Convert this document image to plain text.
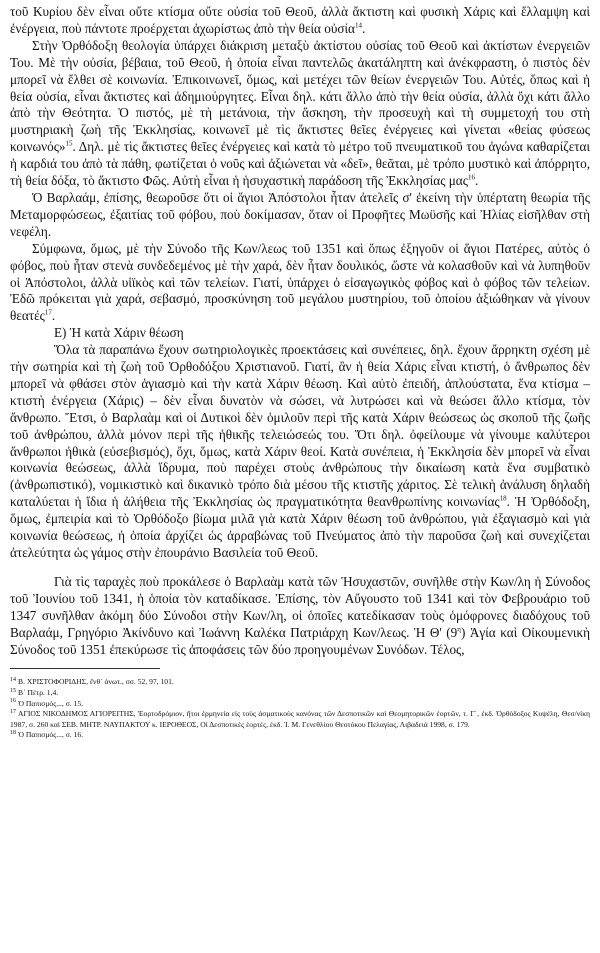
τοῦ Κυρίου δὲν εἶναι οὔτε κτίσμα οὔτε οὐσία τοῦ Θεοῦ, ἀλλὰ ἄκτιστη καὶ φυσικὴ Χάρις καὶ ἔλλαμψη καὶ ἐνέργεια, ποὺ πάντοτε προέρχεται ἀχωρίστως ἀπὸ τὴν θεία οὐσία$^{14}$.

Στὴν Ὀρθόδοξη θεολογία ὑπάρχει διάκριση μεταξὺ ἀκτίστου οὐσίας τοῦ Θεοῦ καὶ ἀκτίστων ἐνεργειῶν Του. Μὲ τὴν οὐσία, βέβαια, τοῦ Θεοῦ, ἡ ὁποία εἶναι παντελῶς ἀκατάληπτη καὶ ἀνέκφραστη, ὁ πιστὸς δὲν μπορεῖ νὰ ἔλθει σὲ κοινωνία. Ἐπικοινωνεῖ, ὅμως, καὶ μετέχει τῶν θείων ἐνεργειῶν Του. Αὐτές, ὅπως καὶ ἡ θεία οὐσία, εἶναι ἄκτιστες καὶ ἀδημιούργητες. Εἶναι δηλ. κάτι ἄλλο ἀπὸ τὴν θεία οὐσία, ἀλλὰ ὄχι κάτι ἄλλο ἀπὸ τὴν Θεότητα. Ὁ πιστός, μὲ τὴ μετάνοια, τὴν ἄσκηση, τὴν προσευχὴ καὶ τὴ συμμετοχή του στὴ μυστηριακὴ ζωὴ τῆς Ἐκκλησίας, κοινωνεῖ μὲ τὶς ἄκτιστες θεῖες ἐνέργειες καὶ γίνεται «θείας φύσεως κοινωνός»$^{15}$. Δηλ. μὲ τὶς ἄκτιστες θεῖες ἐνέργειες καὶ κατὰ τὸ μέτρο τοῦ πνευματικοῦ του ἀγώνα καθαρίζεται ἡ καρδιά του ἀπὸ τὰ πάθη, φωτίζεται ὁ νοῦς καὶ ἀξιώνεται νὰ «δεῖ», θεᾶται, μὲ τρόπο μυστικὸ καὶ ἀπόρρητο, τὴ θεία δόξα, τὸ ἄκτιστο Φῶς. Αὐτὴ εἶναι ἡ ἡσυχαστικὴ παράδοση τῆς Ἐκκλησίας μας$^{16}$.

Ὁ Βαρλαάμ, ἐπίσης, θεωροῦσε ὅτι οἱ ἅγιοι Ἀπόστολοι ἦταν ἀτελεῖς σ' ἐκείνη τὴν ὑπέρτατη θεωρία τῆς Μεταμορφώσεως, ἐξαιτίας τοῦ φόβου, ποὺ δοκίμασαν, ὅταν οἱ Προφῆτες Μωϋσῆς καὶ Ἠλίας εἰσῆλθαν στὴ νεφέλη.

Σύμφωνα, ὅμως, μὲ τὴν Σύνοδο τῆς Κων/λεως τοῦ 1351 καὶ ὅπως ἐξηγοῦν οἱ ἅγιοι Πατέρες, αὐτὸς ὁ φόβος, ποὺ ἦταν στενὰ συνδεδεμένος μὲ τὴν χαρά, δὲν ἦταν δουλικός, ὥστε νὰ κολασθοῦν καὶ νὰ λυπηθοῦν οἱ Ἀπόστολοι, ἀλλὰ υἱϊκὸς καὶ τῶν τελείων. Γιατί, ὑπάρχει ὁ εἰσαγωγικὸς φόβος καὶ ὁ φόβος τῶν τελείων. Ἐδῶ πρόκειται γιὰ χαρά, σεβασμό, προσκύνηση τοῦ μεγάλου μυστηρίου, τοῦ ὁποίου ἀξιώθηκαν νὰ γίνουν θεατές$^{17}$.

Ε) Ἡ κατὰ Χάριν θέωση

Ὅλα τὰ παραπάνω ἔχουν σωτηριολογικὲς προεκτάσεις καὶ συνέπειες, δηλ. ἔχουν ἄρρηκτη σχέση μὲ τὴν σωτηρία καὶ τὴ ζωὴ τοῦ Ὀρθοδόξου Χριστιανοῦ. Γιατί, ἂν ἡ θεία Χάρις εἶναι κτιστή, ὁ ἄνθρωπος δὲν μπορεῖ νὰ φθάσει στὸν ἁγιασμὸ καὶ τὴν κατὰ Χάριν θέωση. Καὶ αὐτὸ ἐπειδή, ἁπλούστατα, ἕνα κτίσμα – κτιστὴ ἐνέργεια (Χάρις) – δὲν εἶναι δυνατὸν νὰ σώσει, νὰ λυτρώσει καὶ νὰ θεώσει ἄλλο κτίσμα, τὸν ἄνθρωπο. Ἔτσι, ὁ Βαρλαὰμ καὶ οἱ Δυτικοὶ δὲν ὁμιλοῦν περὶ τῆς κατὰ Χάριν θεώσεως ὡς σκοποῦ τῆς ζωῆς τοῦ ἀνθρώπου, ἀλλὰ μόνον περὶ τῆς ἠθικῆς τελειώσεώς του. Ὅτι δηλ. ὀφείλουμε νὰ γίνουμε καλύτεροι ἄνθρωποι ἠθικὰ (εὐσεβισμός), ὄχι, ὅμως, κατὰ Χάριν θεοί. Κατὰ συνέπεια, ἡ Ἐκκλησία δὲν μπορεῖ νὰ εἶναι κοινωνία θεώσεως, ἀλλὰ ἵδρυμα, ποὺ παρέχει στοὺς ἀνθρώπους τὴν δικαίωση κατὰ ἕνα συμβατικὸ (ἀνθρωπιστικό), νομικιστικὸ καὶ δικανικὸ τρόπο διὰ μέσου τῆς κτιστῆς χάριτος. Σὲ τελικὴ ἀνάλυση δηλαδὴ καταλύεται ἡ ἴδια ἡ ἀλήθεια τῆς Ἐκκλησίας ὡς πραγματικότητα θεανθρωπίνης κοινωνίας$^{18}$. Ἡ Ὀρθόδοξη, ὅμως, ἐμπειρία καὶ τὸ Ὀρθόδοξο βίωμα μιλᾶ γιὰ κατὰ Χάριν θέωση τοῦ ἀνθρώπου, γιὰ ἐξαγιασμὸ καὶ γιὰ κοινωνία θεώσεως, ἡ ὁποία ἀρχίζει ὡς ἀρραβώνας τοῦ Πνεύματος ἀπὸ τὴν παροῦσα ζωὴ καὶ συνεχίζεται ἀτελεύτητα ὡς γάμος στὴν ἐπουράνιο Βασιλεία τοῦ Θεοῦ.

Γιὰ τὶς ταραχὲς ποὺ προκάλεσε ὁ Βαρλαὰμ κατὰ τῶν Ἡσυχαστῶν, συνῆλθε στὴν Κων/λη ἡ Σύνοδος τοῦ Ἰουνίου τοῦ 1341, ἡ ὁποία τὸν καταδίκασε. Ἐπίσης, τὸν Αὔγουστο τοῦ 1341 καὶ τὸν Φεβρουάριο τοῦ 1347 συνῆλθαν ἀκόμη δύο Σύνοδοι στὴν Κων/λη, οἱ ὁποῖες κατεδίκασαν τοὺς ὁμόφρονες διαδόχους τοῦ Βαρλαάμ, Γρηγόριο Ἀκίνδυνο καὶ Ἰωάννη Καλέκα Πατριάρχη Κων/λεως. Ἡ Θ' $(9^\eta)$ Ἁγία καὶ Οἰκουμενικὴ Σύνοδος τοῦ 1351 ἐπεκύρωσε τὶς ἀποφάσεις τῶν δύο προηγουμένων Συνόδων. Τέλος,

$^{14}$ Β. ΧΡΙΣΤΟΦΟΡΙΔΗΣ, ἔνθ᾽ ἀνωτ., σσ. 52, 97, 101.

$^{15}$ Β΄ Πέτρ. 1,4.

$^{16}$ Ὁ Παπισμός..., σ. 15.

$^{17}$ ΑΓΙΟΣ ΝΙΚΟΔΗΜΟΣ ΑΓΙΟΡΕΙΤΗΣ, Ἑορτοδρόμιον, ἤτοι ἑρμηνεία εἰς τοὺς ἀσματικοὺς κανόνας τῶν Δεσποτικῶν καὶ Θεομητορικῶν ἑορτῶν, τ. Γ΄, ἐκδ. Ὀρθόδοξος Κυψέλη, Θεσ/νίκη 1987, σ. 260 καὶ ΣΕΒ. ΜΗΤΡ. ΝΑΥΠΑΚΤΟΥ κ. ΙΕΡΟΘΕΟΣ, Οἱ Δεσποτικὲς ἑορτές, ἐκδ. Ἱ. Μ. Γενεθλίου Θεοτόκου Πελαγίας, Λιβαδειά 1998, σ. 179.

$^{18}$ Ὁ Παπισμός..., σ. 16.
